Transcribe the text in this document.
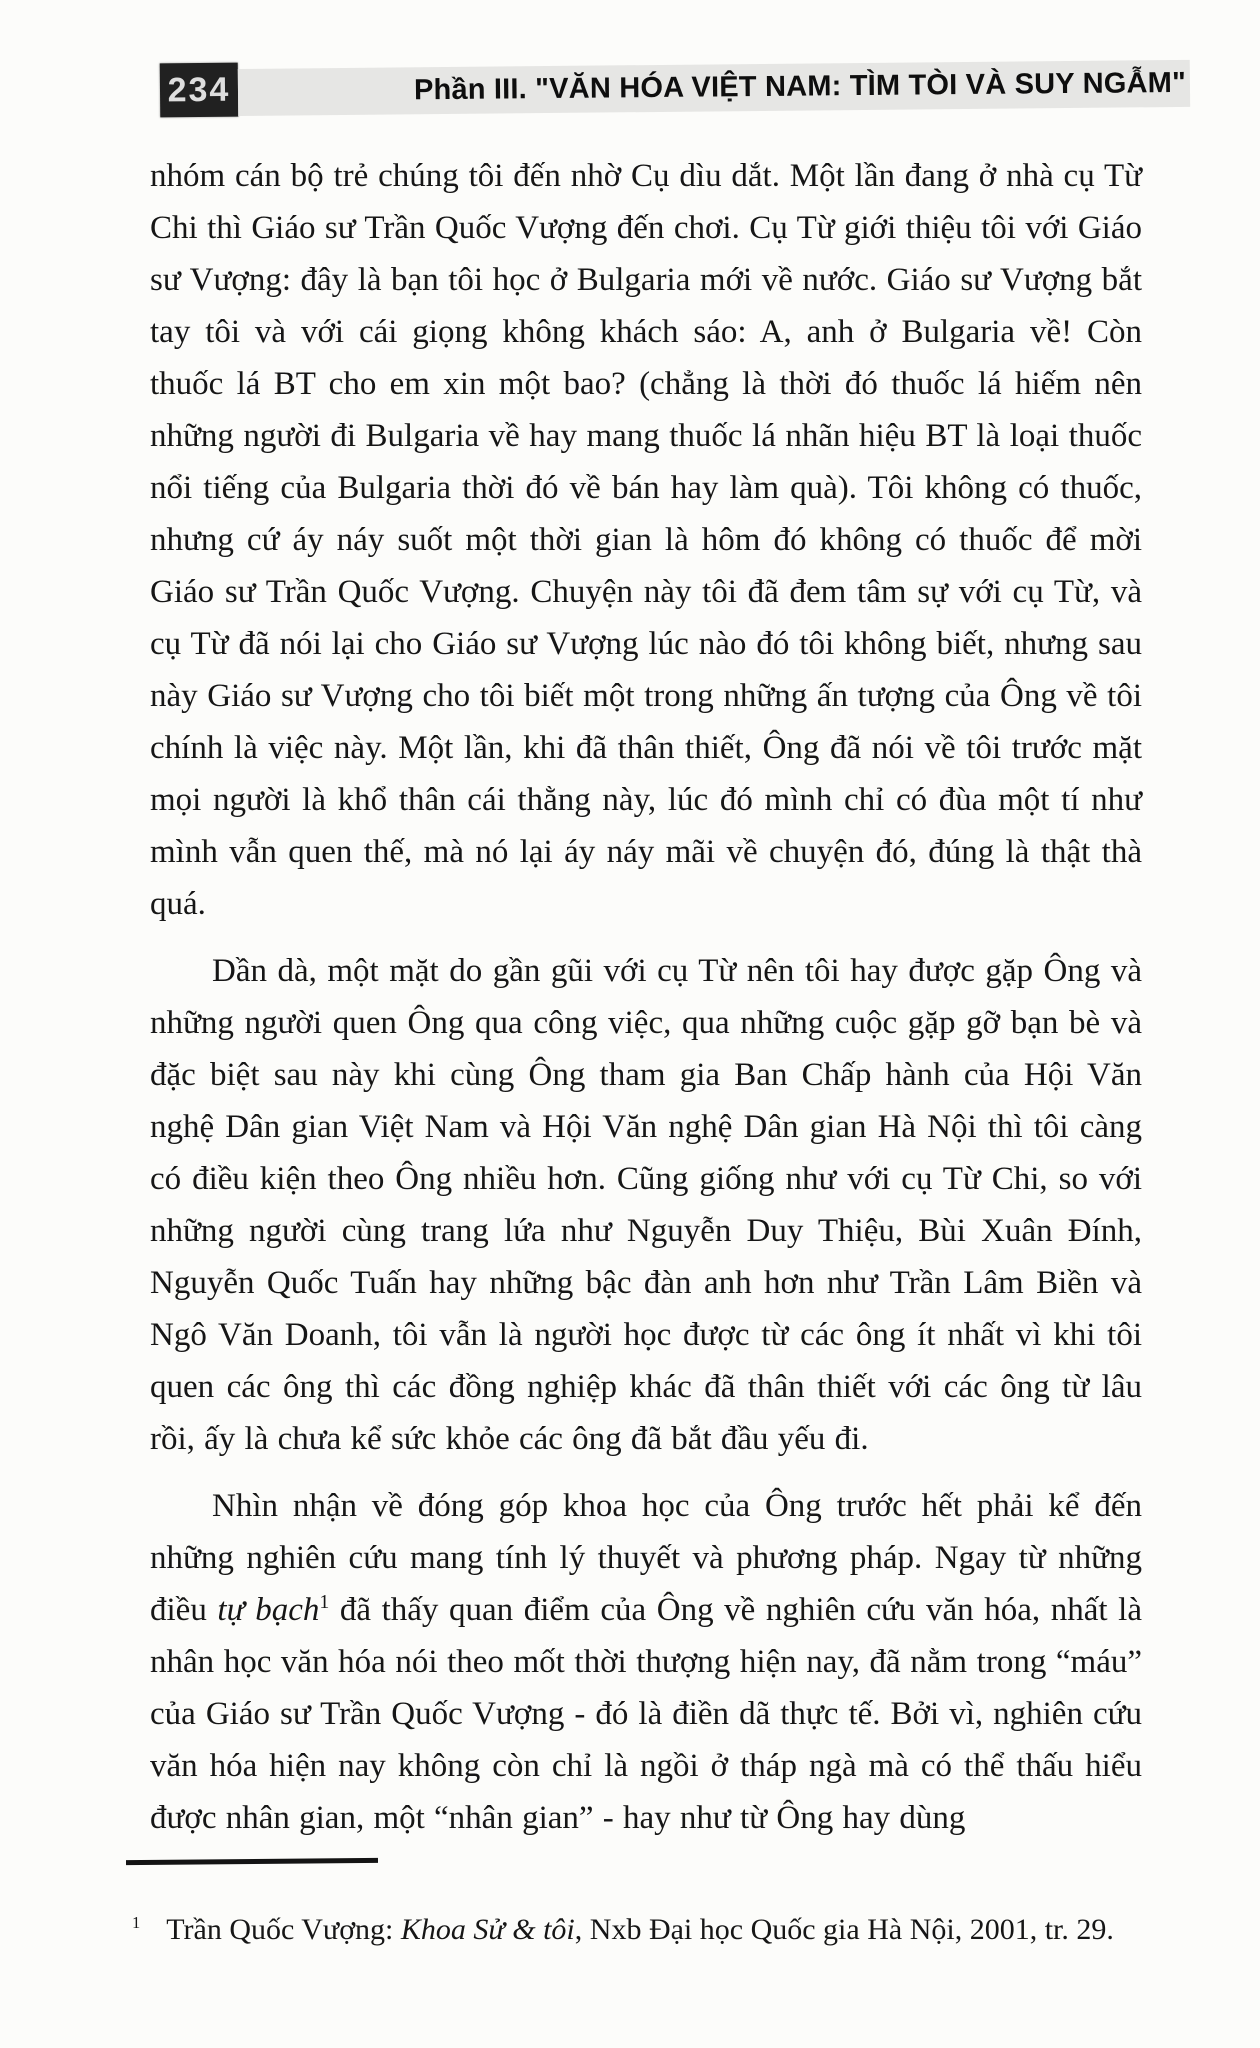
234	Phần III. "VĂN HÓA VIỆT NAM: TÌM TÒI VÀ SUY NGẪM"

nhóm cán bộ trẻ chúng tôi đến nhờ Cụ dìu dắt. Một lần đang ở nhà cụ Từ Chi thì Giáo sư Trần Quốc Vượng đến chơi. Cụ Từ giới thiệu tôi với Giáo sư Vượng: đây là bạn tôi học ở Bulgaria mới về nước. Giáo sư Vượng bắt tay tôi và với cái giọng không khách sáo: A, anh ở Bulgaria về! Còn thuốc lá BT cho em xin một bao? (chẳng là thời đó thuốc lá hiếm nên những người đi Bulgaria về hay mang thuốc lá nhãn hiệu BT là loại thuốc nổi tiếng của Bulgaria thời đó về bán hay làm quà). Tôi không có thuốc, nhưng cứ áy náy suốt một thời gian là hôm đó không có thuốc để mời Giáo sư Trần Quốc Vượng. Chuyện này tôi đã đem tâm sự với cụ Từ, và cụ Từ đã nói lại cho Giáo sư Vượng lúc nào đó tôi không biết, nhưng sau này Giáo sư Vượng cho tôi biết một trong những ấn tượng của Ông về tôi chính là việc này. Một lần, khi đã thân thiết, Ông đã nói về tôi trước mặt mọi người là khổ thân cái thằng này, lúc đó mình chỉ có đùa một tí như mình vẫn quen thế, mà nó lại áy náy mãi về chuyện đó, đúng là thật thà quá.

Dần dà, một mặt do gần gũi với cụ Từ nên tôi hay được gặp Ông và những người quen Ông qua công việc, qua những cuộc gặp gỡ bạn bè và đặc biệt sau này khi cùng Ông tham gia Ban Chấp hành của Hội Văn nghệ Dân gian Việt Nam và Hội Văn nghệ Dân gian Hà Nội thì tôi càng có điều kiện theo Ông nhiều hơn. Cũng giống như với cụ Từ Chi, so với những người cùng trang lứa như Nguyễn Duy Thiệu, Bùi Xuân Đính, Nguyễn Quốc Tuấn hay những bậc đàn anh hơn như Trần Lâm Biền và Ngô Văn Doanh, tôi vẫn là người học được từ các ông ít nhất vì khi tôi quen các ông thì các đồng nghiệp khác đã thân thiết với các ông từ lâu rồi, ấy là chưa kể sức khỏe các ông đã bắt đầu yếu đi.

Nhìn nhận về đóng góp khoa học của Ông trước hết phải kể đến những nghiên cứu mang tính lý thuyết và phương pháp. Ngay từ những điều tự bạch$^1$ đã thấy quan điểm của Ông về nghiên cứu văn hóa, nhất là nhân học văn hóa nói theo mốt thời thượng hiện nay, đã nằm trong “máu” của Giáo sư Trần Quốc Vượng - đó là điền dã thực tế. Bởi vì, nghiên cứu văn hóa hiện nay không còn chỉ là ngồi ở tháp ngà mà có thể thấu hiểu được nhân gian, một “nhân gian” - hay như từ Ông hay dùng

$^1$ Trần Quốc Vượng: Khoa Sử & tôi, Nxb Đại học Quốc gia Hà Nội, 2001, tr. 29.
